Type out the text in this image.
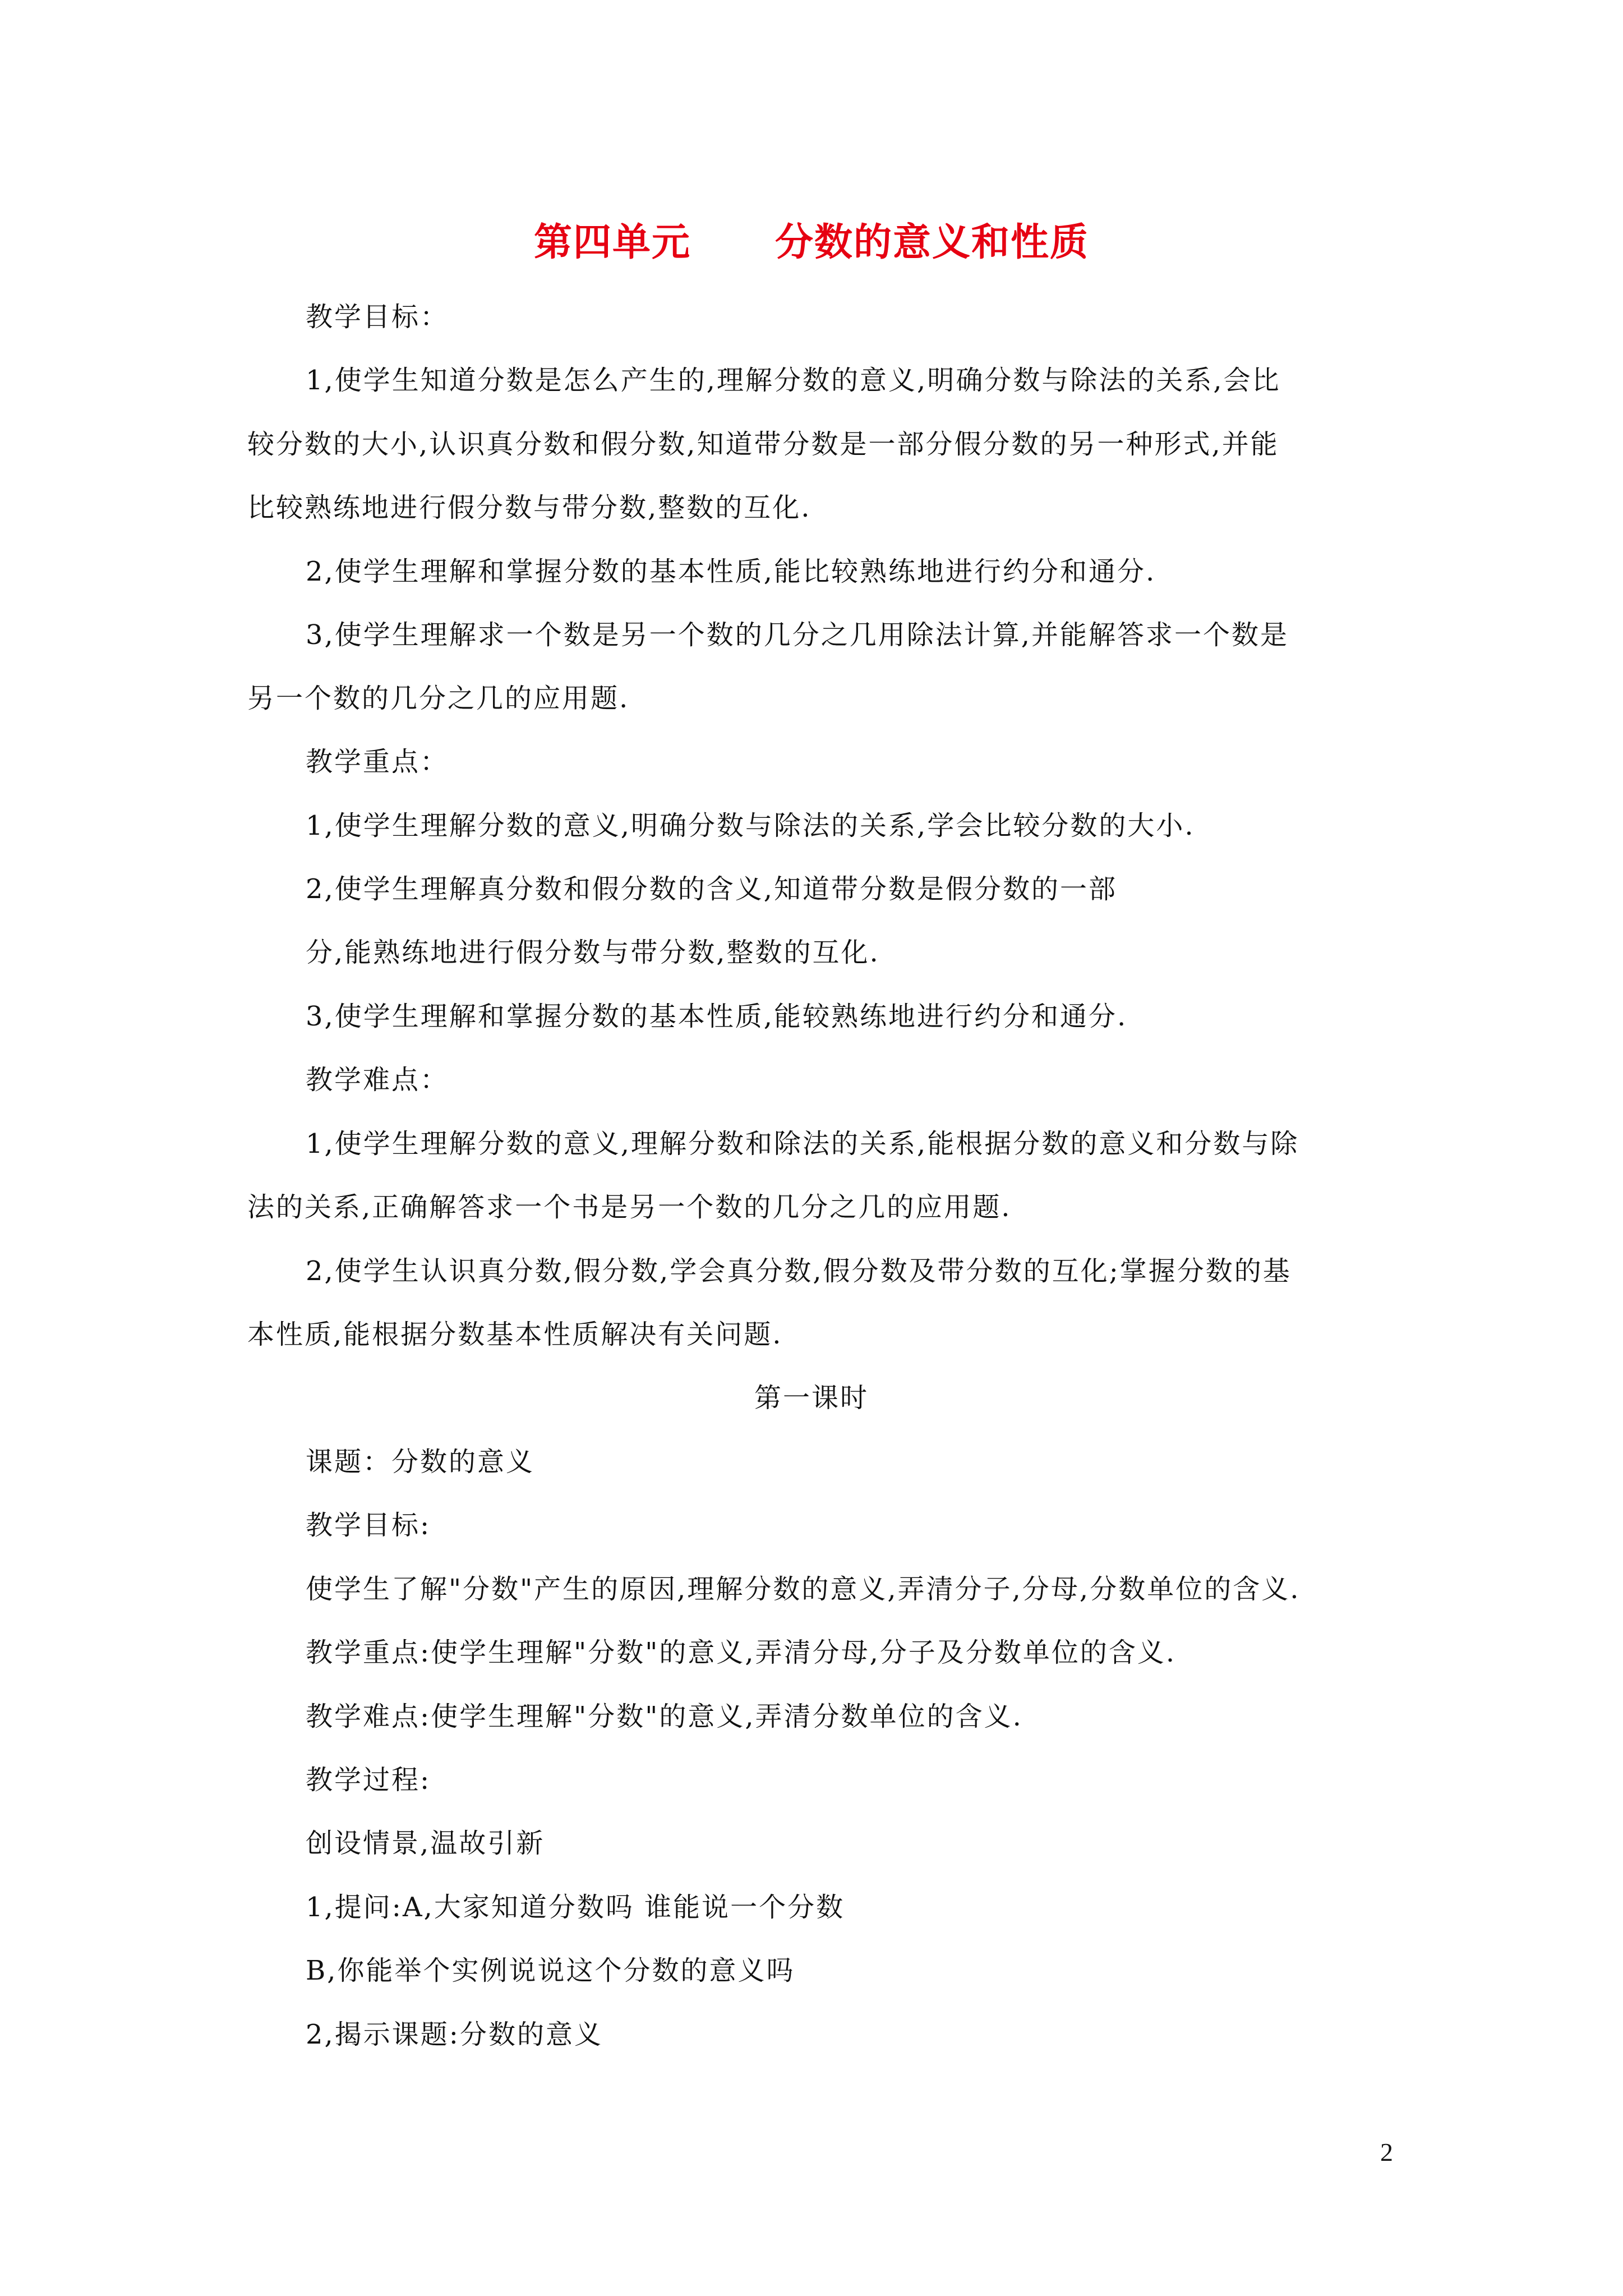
第四单元 分数的意义和性质
教学目标：
1,使学生知道分数是怎么产生的,理解分数的意义,明确分数与除法的关系,会比
较分数的大小,认识真分数和假分数,知道带分数是一部分假分数的另一种形式,并能
比较熟练地进行假分数与带分数,整数的互化.
2,使学生理解和掌握分数的基本性质,能比较熟练地进行约分和通分.
3,使学生理解求一个数是另一个数的几分之几用除法计算,并能解答求一个数是
另一个数的几分之几的应用题.
教学重点：
1,使学生理解分数的意义,明确分数与除法的关系,学会比较分数的大小.
2,使学生理解真分数和假分数的含义,知道带分数是假分数的一部
分,能熟练地进行假分数与带分数,整数的互化.
3,使学生理解和掌握分数的基本性质,能较熟练地进行约分和通分.
教学难点：
1,使学生理解分数的意义,理解分数和除法的关系,能根据分数的意义和分数与除
法的关系,正确解答求一个书是另一个数的几分之几的应用题.
2,使学生认识真分数,假分数,学会真分数,假分数及带分数的互化;掌握分数的基
本性质,能根据分数基本性质解决有关问题.
第一课时
课题：分数的意义
教学目标:
使学生了解"分数"产生的原因,理解分数的意义,弄清分子,分母,分数单位的含义.
教学重点:使学生理解"分数"的意义,弄清分母,分子及分数单位的含义.
教学难点:使学生理解"分数"的意义,弄清分数单位的含义.
教学过程:
创设情景,温故引新
1,提问:A,大家知道分数吗 谁能说一个分数
B,你能举个实例说说这个分数的意义吗
2,揭示课题:分数的意义
2
